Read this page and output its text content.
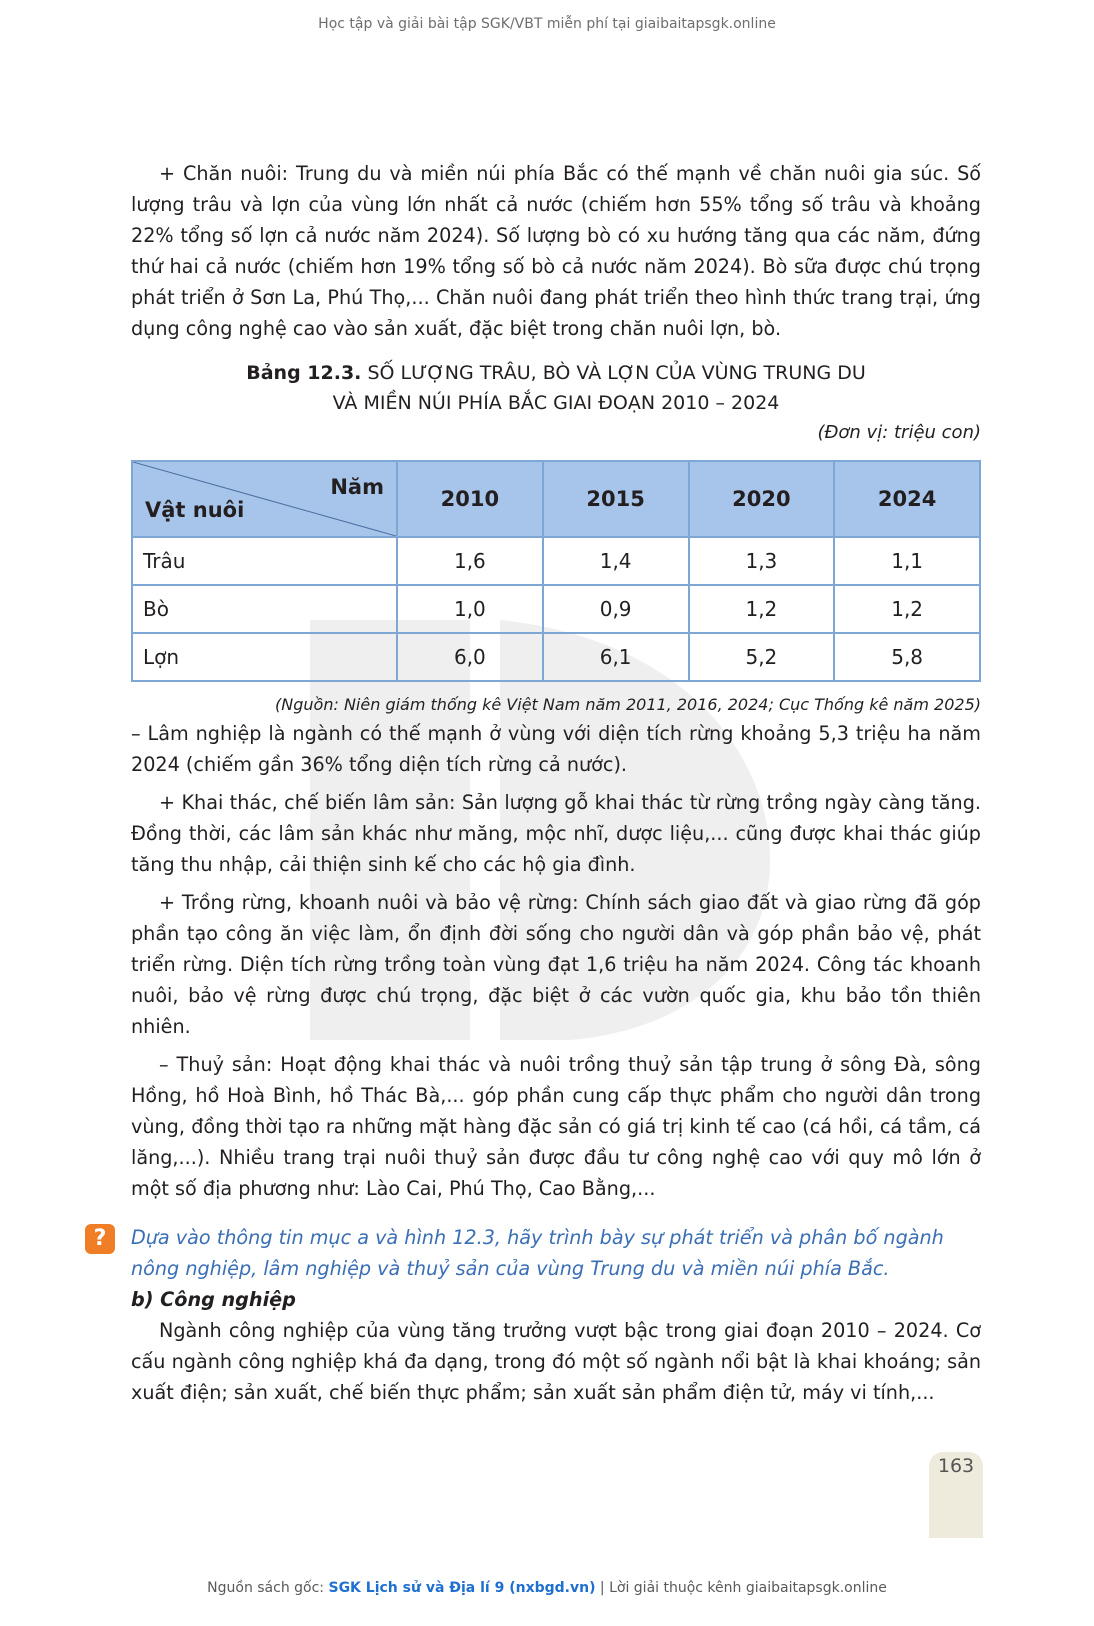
Học tập và giải bài tập SGK/VBT miễn phí tại giaibaitapsgk.online

+ Chăn nuôi: Trung du và miền núi phía Bắc có thế mạnh về chăn nuôi gia súc. Số lượng trâu và lợn của vùng lớn nhất cả nước (chiếm hơn 55% tổng số trâu và khoảng 22% tổng số lợn cả nước năm 2024). Số lượng bò có xu hướng tăng qua các năm, đứng thứ hai cả nước (chiếm hơn 19% tổng số bò cả nước năm 2024). Bò sữa được chú trọng phát triển ở Sơn La, Phú Thọ,... Chăn nuôi đang phát triển theo hình thức trang trại, ứng dụng công nghệ cao vào sản xuất, đặc biệt trong chăn nuôi lợn, bò.

Bảng 12.3. SỐ LƯỢNG TRÂU, BÒ VÀ LỢN CỦA VÙNG TRUNG DU
VÀ MIỀN NÚI PHÍA BẮC GIAI ĐOẠN 2010 – 2024
(Đơn vị: triệu con)
Năm
Vật nuôi	2010	2015	2020	2024
Trâu	1,6	1,4	1,3	1,1
Bò	1,0	0,9	1,2	1,2
Lợn	6,0	6,1	5,2	5,8
(Nguồn: Niên giám thống kê Việt Nam năm 2011, 2016, 2024; Cục Thống kê năm 2025)

– Lâm nghiệp là ngành có thế mạnh ở vùng với diện tích rừng khoảng 5,3 triệu ha năm 2024 (chiếm gần 36% tổng diện tích rừng cả nước).

+ Khai thác, chế biến lâm sản: Sản lượng gỗ khai thác từ rừng trồng ngày càng tăng. Đồng thời, các lâm sản khác như măng, mộc nhĩ, dược liệu,... cũng được khai thác giúp tăng thu nhập, cải thiện sinh kế cho các hộ gia đình.

+ Trồng rừng, khoanh nuôi và bảo vệ rừng: Chính sách giao đất và giao rừng đã góp phần tạo công ăn việc làm, ổn định đời sống cho người dân và góp phần bảo vệ, phát triển rừng. Diện tích rừng trồng toàn vùng đạt 1,6 triệu ha năm 2024. Công tác khoanh nuôi, bảo vệ rừng được chú trọng, đặc biệt ở các vườn quốc gia, khu bảo tồn thiên nhiên.

– Thuỷ sản: Hoạt động khai thác và nuôi trồng thuỷ sản tập trung ở sông Đà, sông Hồng, hồ Hoà Bình, hồ Thác Bà,... góp phần cung cấp thực phẩm cho người dân trong vùng, đồng thời tạo ra những mặt hàng đặc sản có giá trị kinh tế cao (cá hồi, cá tầm, cá lăng,...). Nhiều trang trại nuôi thuỷ sản được đầu tư công nghệ cao với quy mô lớn ở một số địa phương như: Lào Cai, Phú Thọ, Cao Bằng,...

?	Dựa vào thông tin mục a và hình 12.3, hãy trình bày sự phát triển và phân bố ngành nông nghiệp, lâm nghiệp và thuỷ sản của vùng Trung du và miền núi phía Bắc.

b) Công nghiệp

Ngành công nghiệp của vùng tăng trưởng vượt bậc trong giai đoạn 2010 – 2024. Cơ cấu ngành công nghiệp khá đa dạng, trong đó một số ngành nổi bật là khai khoáng; sản xuất điện; sản xuất, chế biến thực phẩm; sản xuất sản phẩm điện tử, máy vi tính,...

163
Nguồn sách gốc: SGK Lịch sử và Địa lí 9 (nxbgd.vn) | Lời giải thuộc kênh giaibaitapsgk.online
